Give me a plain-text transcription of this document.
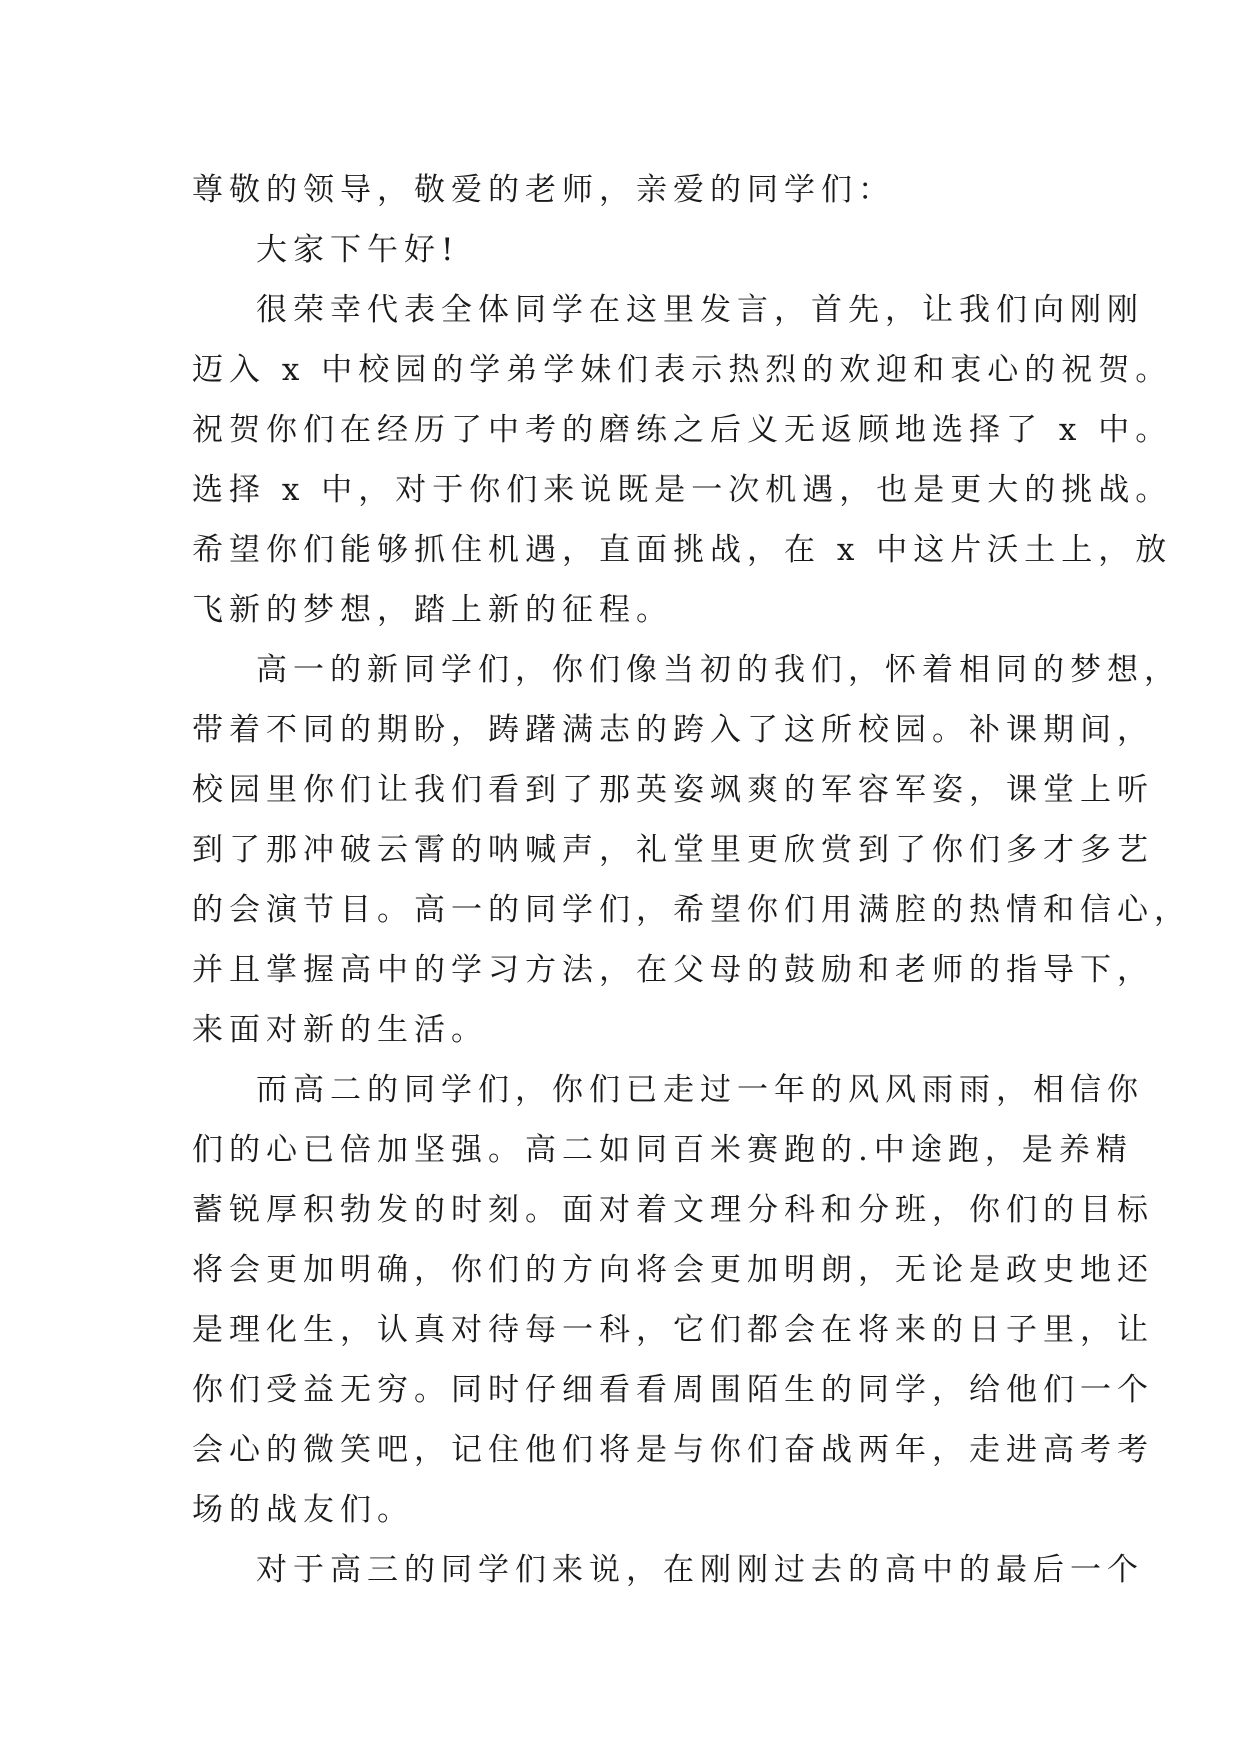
尊敬的领导，敬爱的老师，亲爱的同学们：
大家下午好!
很荣幸代表全体同学在这里发言，首先，让我们向刚刚
迈入 x 中校园的学弟学妹们表示热烈的欢迎和衷心的祝贺。
祝贺你们在经历了中考的磨练之后义无返顾地选择了 x 中。
选择 x 中，对于你们来说既是一次机遇，也是更大的挑战。
希望你们能够抓住机遇，直面挑战，在 x 中这片沃土上，放
飞新的梦想，踏上新的征程。
高一的新同学们，你们像当初的我们，怀着相同的梦想，
带着不同的期盼，踌躇满志的跨入了这所校园。补课期间，
校园里你们让我们看到了那英姿飒爽的军容军姿，课堂上听
到了那冲破云霄的呐喊声，礼堂里更欣赏到了你们多才多艺
的会演节目。高一的同学们，希望你们用满腔的热情和信心，
并且掌握高中的学习方法，在父母的鼓励和老师的指导下，
来面对新的生活。
而高二的同学们，你们已走过一年的风风雨雨，相信你
们的心已倍加坚强。高二如同百米赛跑的.中途跑，是养精
蓄锐厚积勃发的时刻。面对着文理分科和分班，你们的目标
将会更加明确，你们的方向将会更加明朗，无论是政史地还
是理化生，认真对待每一科，它们都会在将来的日子里，让
你们受益无穷。同时仔细看看周围陌生的同学，给他们一个
会心的微笑吧，记住他们将是与你们奋战两年，走进高考考
场的战友们。
对于高三的同学们来说，在刚刚过去的高中的最后一个
